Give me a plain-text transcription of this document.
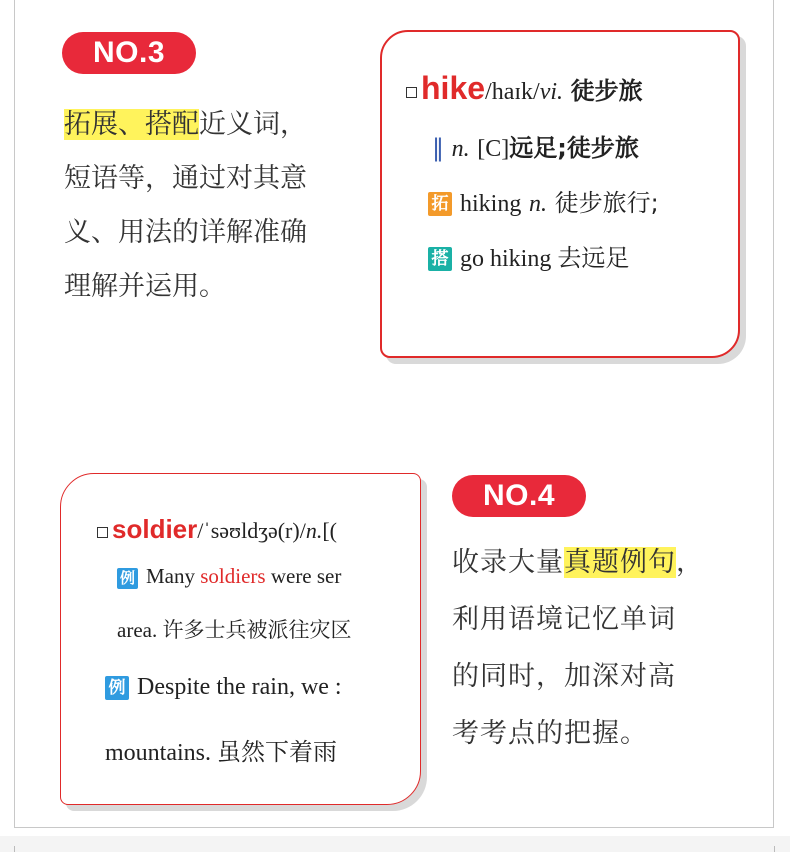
NO.3
拓展、搭配近义词，
短语等，通过对其意
义、用法的详解准确
理解并运用。
hike/haɪk/vi. 徒步旅
‖ n. [C]远足;徒步旅
拓 hiking n. 徒步旅行;
搭 go hiking 去远足
soldier/ˈsəʊldʒə(r)/n.[(
例 Many soldiers were ser
area. 许多士兵被派往灾区
例 Despite the rain, we :
mountains. 虽然下着雨
NO.4
收录大量真题例句，
利用语境记忆单词
的同时，加深对高
考考点的把握。
